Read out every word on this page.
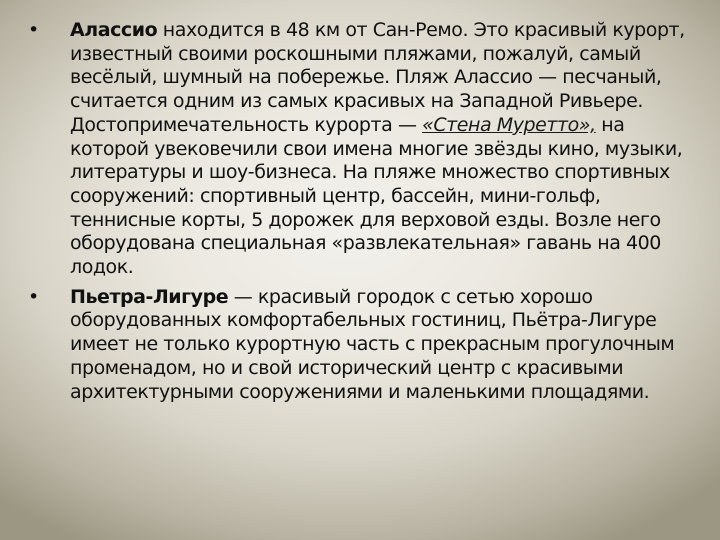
• Алассио находится в 48 км от Сан-Ремо. Это красивый курорт, известный своими роскошными пляжами, пожалуй, самый весёлый, шумный на побережье. Пляж Алассио — песчаный, считается одним из самых красивых на Западной Ривьере. Достопримечательность курорта — «Стена Муретто», на которой увековечили свои имена многие звёзды кино, музыки, литературы и шоу-бизнеса. На пляже множество спортивных сооружений: спортивный центр, бассейн, мини-гольф, теннисные корты, 5 дорожек для верховой езды. Возле него оборудована специальная «развлекательная» гавань на 400 лодок.

• Пьетра-Лигуре — красивый городок с сетью хорошо оборудованных комфортабельных гостиниц, Пьётра-Лигуре имеет не только курортную часть с прекрасным прогулочным променадом, но и свой исторический центр с красивыми архитектурными сооружениями и маленькими площадями.
